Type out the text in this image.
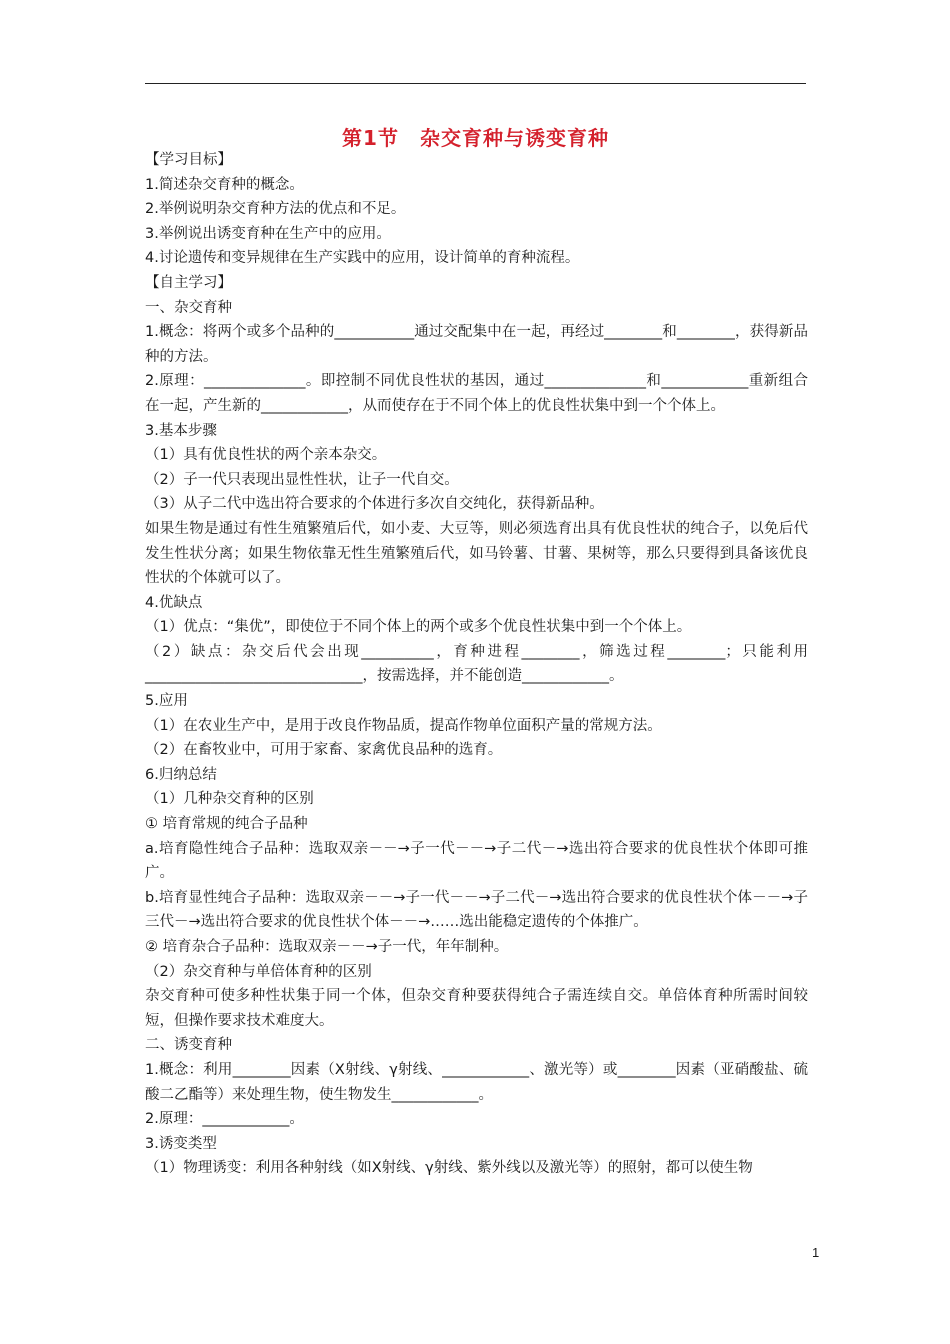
第1节　杂交育种与诱变育种

【学习目标】

1.简述杂交育种的概念。

2.举例说明杂交育种方法的优点和不足。

3.举例说出诱变育种在生产中的应用。

4.讨论遗传和变异规律在生产实践中的应用，设计简单的育种流程。

【自主学习】

一、杂交育种

1.概念：将两个或多个品种的___________通过交配集中在一起，再经过________和________，获得新品种的方法。

2.原理：______________。即控制不同优良性状的基因，通过______________和____________重新组合在一起，产生新的____________，从而使存在于不同个体上的优良性状集中到一个个体上。

3.基本步骤

（1）具有优良性状的两个亲本杂交。

（2）子一代只表现出显性性状，让子一代自交。

（3）从子二代中选出符合要求的个体进行多次自交纯化，获得新品种。

如果生物是通过有性生殖繁殖后代，如小麦、大豆等，则必须选育出具有优良性状的纯合子，以免后代发生性状分离；如果生物依靠无性生殖繁殖后代，如马铃薯、甘薯、果树等，那么只要得到具备该优良性状的个体就可以了。

4.优缺点

（1）优点：“集优”，即使位于不同个体上的两个或多个优良性状集中到一个个体上。

（2）缺点：杂交后代会出现__________，育种进程________，筛选过程________；只能利用______________________________，按需选择，并不能创造____________。

5.应用

（1）在农业生产中，是用于改良作物品质，提高作物单位面积产量的常规方法。

（2）在畜牧业中，可用于家畜、家禽优良品种的选育。

6.归纳总结

（1）几种杂交育种的区别

① 培育常规的纯合子品种

a.培育隐性纯合子品种：选取双亲－－→子一代－－→子二代－→选出符合要求的优良性状个体即可推广。

b.培育显性纯合子品种：选取双亲－－→子一代－－→子二代－→选出符合要求的优良性状个体－－→子三代－→选出符合要求的优良性状个体－－→……选出能稳定遗传的个体推广。

② 培育杂合子品种：选取双亲－－→子一代，年年制种。

（2）杂交育种与单倍体育种的区别

杂交育种可使多种性状集于同一个体，但杂交育种要获得纯合子需连续自交。单倍体育种所需时间较短，但操作要求技术难度大。

二、诱变育种

1.概念：利用________因素（X射线、γ射线、____________、激光等）或________因素（亚硝酸盐、硫酸二乙酯等）来处理生物，使生物发生____________。

2.原理：____________。

3.诱变类型

（1）物理诱变：利用各种射线（如X射线、γ射线、紫外线以及激光等）的照射，都可以使生物

1
